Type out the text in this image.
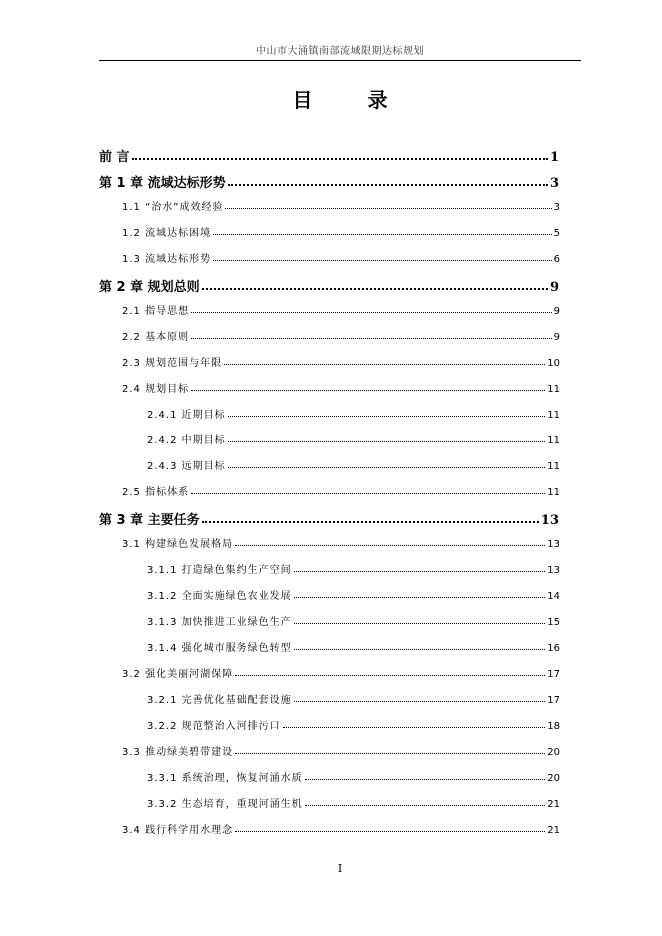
中山市大涌镇南部流域限期达标规划
目 录
前 言	1
第 1 章 流域达标形势	3
1.1 “治水”成效经验	3
1.2 流域达标困境	5
1.3 流域达标形势	6
第 2 章 规划总则	9
2.1 指导思想	9
2.2 基本原则	9
2.3 规划范围与年限	10
2.4 规划目标	11
2.4.1 近期目标	11
2.4.2 中期目标	11
2.4.3 远期目标	11
2.5 指标体系	11
第 3 章 主要任务	13
3.1 构建绿色发展格局	13
3.1.1 打造绿色集约生产空间	13
3.1.2 全面实施绿色农业发展	14
3.1.3 加快推进工业绿色生产	15
3.1.4 强化城市服务绿色转型	16
3.2 强化美丽河湖保障	17
3.2.1 完善优化基础配套设施	17
3.2.2 规范整治入河排污口	18
3.3 推动绿美碧带建设	20
3.3.1 系统治理，恢复河涌水质	20
3.3.2 生态培育，重现河涌生机	21
3.4 践行科学用水理念	21
I
